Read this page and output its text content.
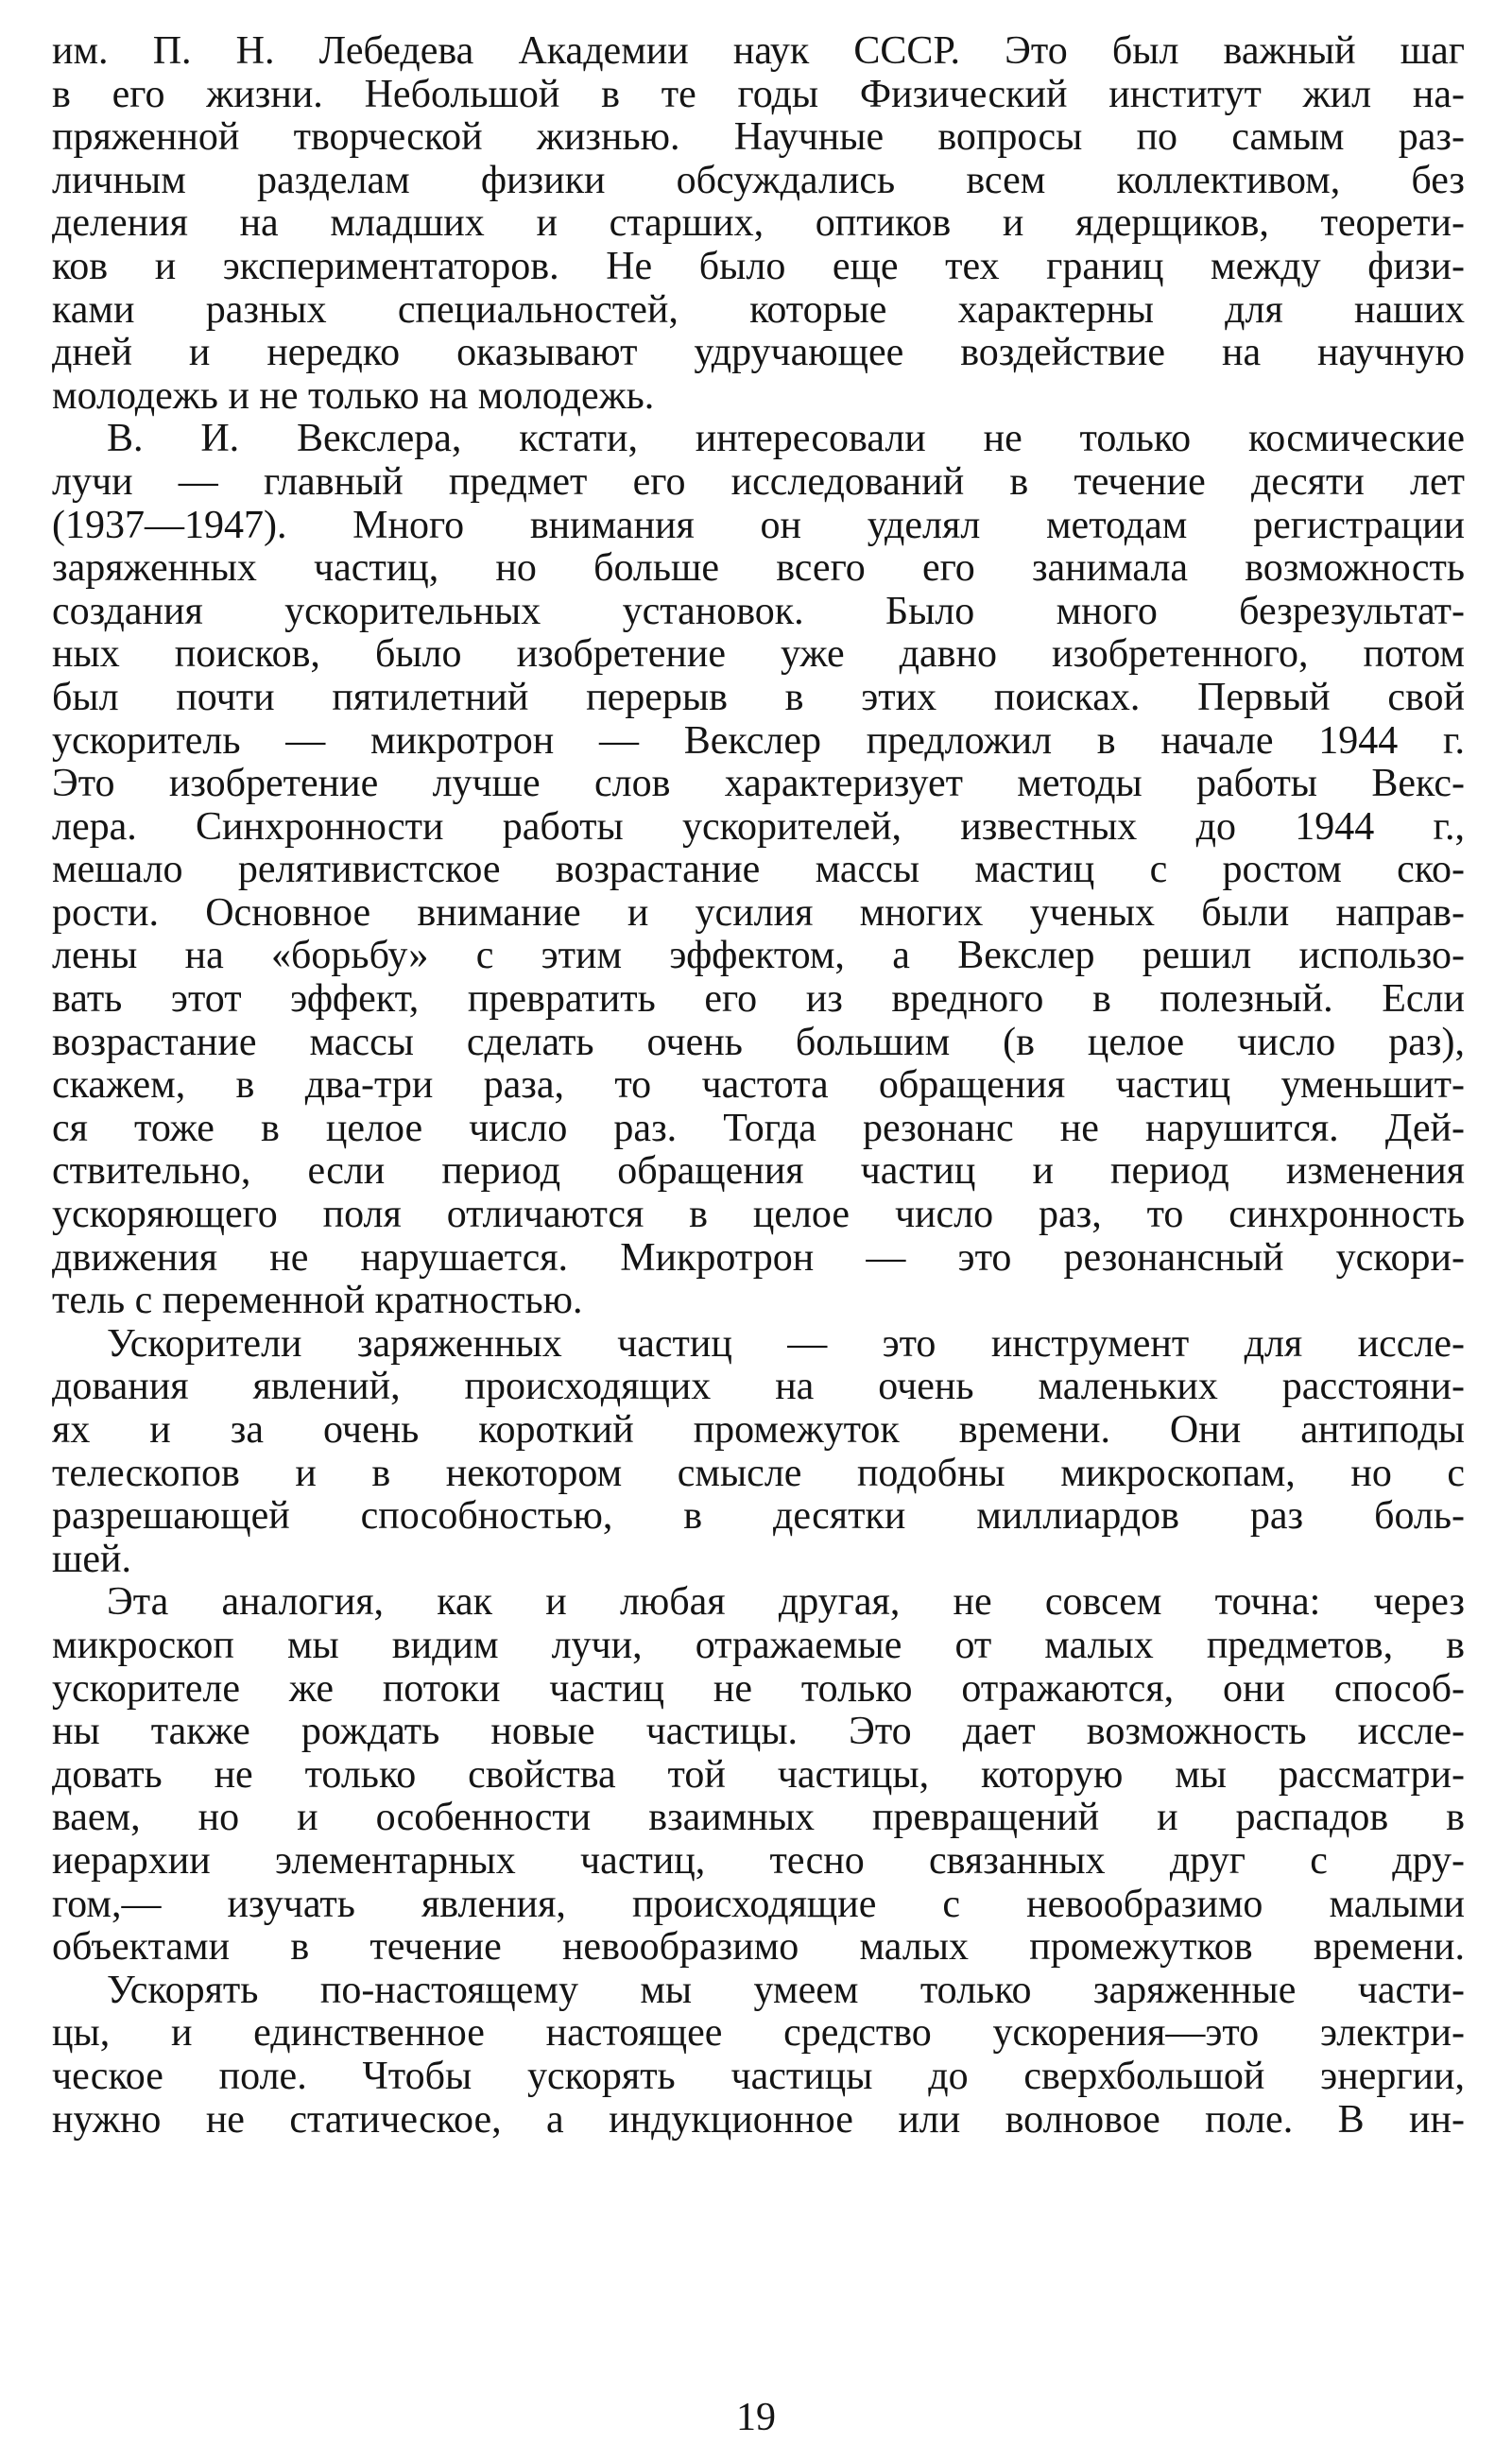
им. П. Н. Лебедева Академии наук СССР. Это был важный шаг
в его жизни. Небольшой в те годы Физический институт жил на-
пряженной творческой жизнью. Научные вопросы по самым раз-
личным разделам физики обсуждались всем коллективом, без
деления на младших и старших, оптиков и ядерщиков, теорети-
ков и экспериментаторов. Не было еще тех границ между физи-
ками разных специальностей, которые характерны для наших
дней и нередко оказывают удручающее воздействие на научную
молодежь и не только на молодежь.
В. И. Векслера, кстати, интересовали не только космические
лучи — главный предмет его исследований в течение десяти лет
(1937—1947). Много внимания он уделял методам регистрации
заряженных частиц, но больше всего его занимала возможность
создания ускорительных установок. Было много безрезультат-
ных поисков, было изобретение уже давно изобретенного, потом
был почти пятилетний перерыв в этих поисках. Первый свой
ускоритель — микротрон — Векслер предложил в начале 1944 г.
Это изобретение лучше слов характеризует методы работы Векс-
лера. Синхронности работы ускорителей, известных до 1944 г.,
мешало релятивистское возрастание массы мастиц с ростом ско-
рости. Основное внимание и усилия многих ученых были направ-
лены на «борьбу» с этим эффектом, а Векслер решил использо-
вать этот эффект, превратить его из вредного в полезный. Если
возрастание массы сделать очень большим (в целое число раз),
скажем, в два-три раза, то частота обращения частиц уменьшит-
ся тоже в целое число раз. Тогда резонанс не нарушится. Дей-
ствительно, если период обращения частиц и период изменения
ускоряющего поля отличаются в целое число раз, то синхронность
движения не нарушается. Микротрон — это резонансный ускори-
тель с переменной кратностью.
Ускорители заряженных частиц — это инструмент для иссле-
дования явлений, происходящих на очень маленьких расстояни-
ях и за очень короткий промежуток времени. Они антиподы
телескопов и в некотором смысле подобны микроскопам, но с
разрешающей способностью, в десятки миллиардов раз боль-
шей.
Эта аналогия, как и любая другая, не совсем точна: через
микроскоп мы видим лучи, отражаемые от малых предметов, в
ускорителе же потоки частиц не только отражаются, они способ-
ны также рождать новые частицы. Это дает возможность иссле-
довать не только свойства той частицы, которую мы рассматри-
ваем, но и особенности взаимных превращений и распадов в
иерархии элементарных частиц, тесно связанных друг с дру-
гом,— изучать явления, происходящие с невообразимо малыми
объектами в течение невообразимо малых промежутков времени.
Ускорять по-настоящему мы умеем только заряженные части-
цы, и единственное настоящее средство ускорения—это электри-
ческое поле. Чтобы ускорять частицы до сверхбольшой энергии,
нужно не статическое, а индукционное или волновое поле. В ин-
19
